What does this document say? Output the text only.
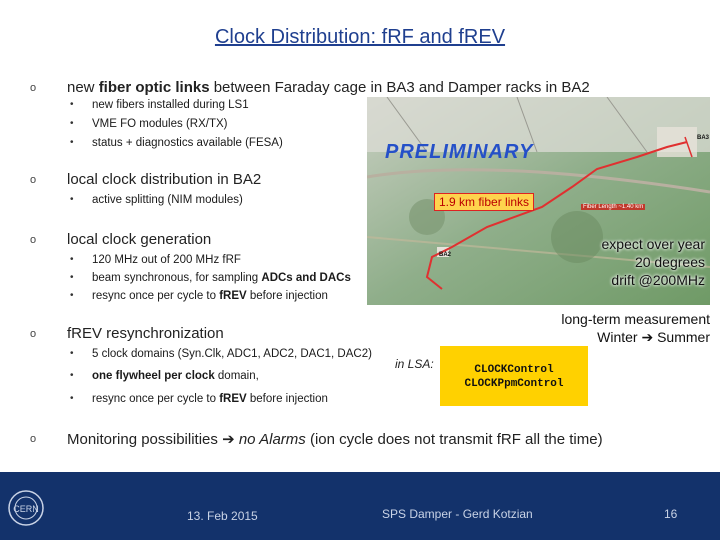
Clock Distribution: fRF and fREV
o new fiber optic links between Faraday cage in BA3 and Damper racks in BA2
• new fibers installed during LS1
• VME FO modules (RX/TX)
• status + diagnostics available (FESA)	PRELIMINARY
Fiber Length ~1.40 km
BA3
BA2
1.9 km fiber links
o local clock distribution in BA2
• active splitting (NIM modules)
o local clock generation
• 120 MHz out of 200 MHz fRF
• beam synchronous, for sampling ADCs and DACs
• resync once per cycle to fREV before injection
expect over year
20 degrees
drift @200MHz
long-term measurement
Winter ➔ Summer
o fREV resynchronization
• 5 clock domains (Syn.Clk, ADC1, ADC2, DAC1, DAC2)
• one flywheel per clock domain,
• resync once per cycle to fREV before injection
in LSA:	CLOCKControl
CLOCKPpmControl
o Monitoring possibilities ➔ no Alarms (ion cycle does not transmit fRF all the time)
CERN	13. Feb 2015	SPS Damper - Gerd Kotzian	16
